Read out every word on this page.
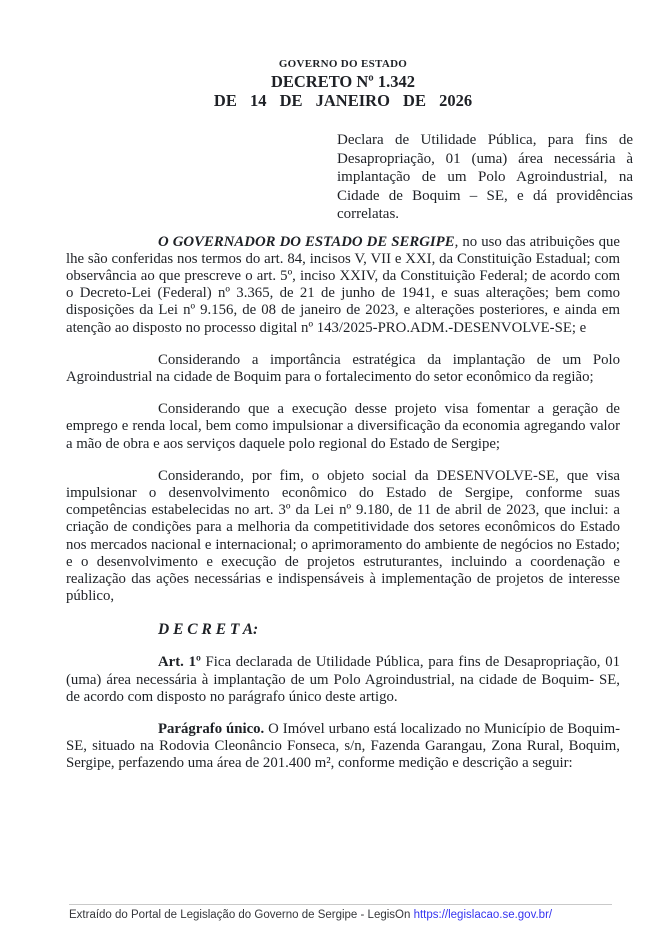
GOVERNO DO ESTADO
DECRETO Nº 1.342
DE 14 DE JANEIRO DE 2026

Declara de Utilidade Pública, para fins de Desapropriação, 01 (uma) área necessária à implantação de um Polo Agroindustrial, na Cidade de Boquim – SE, e dá providências correlatas.

O GOVERNADOR DO ESTADO DE SERGIPE, no uso das atribuições que lhe são conferidas nos termos do art. 84, incisos V, VII e XXI, da Constituição Estadual; com observância ao que prescreve o art. 5º, inciso XXIV, da Constituição Federal; de acordo com o Decreto-Lei (Federal) nº 3.365, de 21 de junho de 1941, e suas alterações; bem como disposições da Lei nº 9.156, de 08 de janeiro de 2023, e alterações posteriores, e ainda em atenção ao disposto no processo digital nº 143/2025-PRO.ADM.-DESENVOLVE-SE; e

Considerando a importância estratégica da implantação de um Polo Agroindustrial na cidade de Boquim para o fortalecimento do setor econômico da região;

Considerando que a execução desse projeto visa fomentar a geração de emprego e renda local, bem como impulsionar a diversificação da economia agregando valor a mão de obra e aos serviços daquele polo regional do Estado de Sergipe;

Considerando, por fim, o objeto social da DESENVOLVE-SE, que visa impulsionar o desenvolvimento econômico do Estado de Sergipe, conforme suas competências estabelecidas no art. 3º da Lei nº 9.180, de 11 de abril de 2023, que inclui: a criação de condições para a melhoria da competitividade dos setores econômicos do Estado nos mercados nacional e internacional; o aprimoramento do ambiente de negócios no Estado; e o desenvolvimento e execução de projetos estruturantes, incluindo a coordenação e realização das ações necessárias e indispensáveis à implementação de projetos de interesse público,

D E C R E T A:

Art. 1º Fica declarada de Utilidade Pública, para fins de Desapropriação, 01 (uma) área necessária à implantação de um Polo Agroindustrial, na cidade de Boquim- SE, de acordo com disposto no parágrafo único deste artigo.

Parágrafo único. O Imóvel urbano está localizado no Município de Boquim-SE, situado na Rodovia Cleonâncio Fonseca, s/n, Fazenda Garangau, Zona Rural, Boquim, Sergipe, perfazendo uma área de 201.400 m², conforme medição e descrição a seguir:

Extraído do Portal de Legislação do Governo de Sergipe - LegisOn https://legislacao.se.gov.br/
